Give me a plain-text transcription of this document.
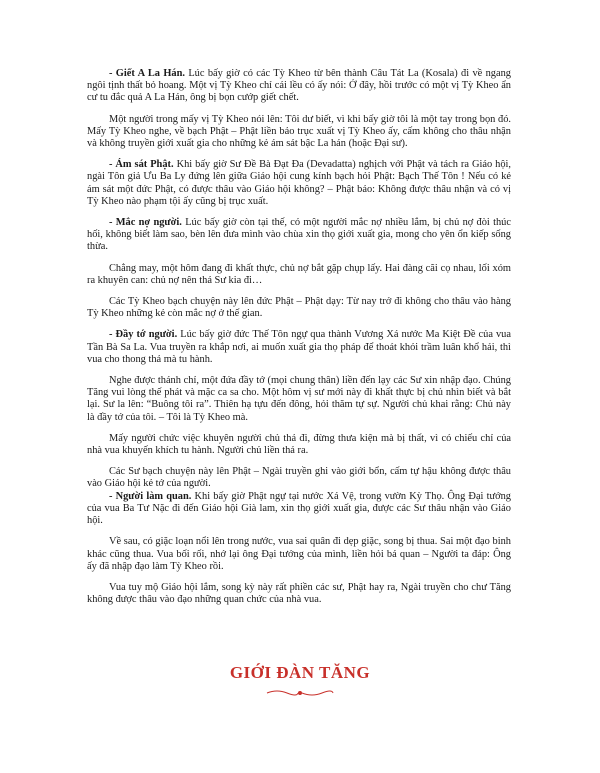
- Giết A La Hán. Lúc bấy giờ có các Tỳ Kheo từ bên thành Câu Tát La (Kosala) đi về ngang ngôi tịnh thất bỏ hoang. Một vị Tỳ Kheo chỉ cái lều có ấy nói: Ở đây, hồi trước có một vị Tỳ Kheo ẩn cư tu đắc quả A La Hán, ông bị bọn cướp giết chết.

Một người trong mấy vị Tỳ Kheo nói lên: Tôi dư biết, vì khi bấy giờ tôi là một tay trong bọn đó. Mấy Tỳ Kheo nghe, về bạch Phật – Phật liền bảo trục xuất vị Tỳ Kheo ấy, cấm không cho thâu nhận và không truyền giới xuất gia cho những kẻ ám sát bậc La hán (hoặc Đại sư).

- Ám sát Phật. Khi bấy giờ Sư Đề Bà Đạt Đa (Devadatta) nghịch với Phật và tách ra Giáo hội, ngài Tôn giả Ưu Ba Ly đứng lên giữa Giáo hội cung kính bạch hỏi Phật: Bạch Thế Tôn ! Nếu có kẻ ám sát một đức Phật, có được thâu vào Giáo hội không? – Phật bảo: Không được thâu nhận và có vị Tỳ Kheo nào phạm tội ấy cũng bị trục xuất.

- Mắc nợ người. Lúc bấy giờ còn tại thế, có một người mắc nợ nhiều lắm, bị chủ nợ đòi thúc hối, không biết làm sao, bèn lên đưa mình vào chùa xin thọ giới xuất gia, mong cho yên ổn kiếp sống thừa.

Chẳng may, một hôm đang đi khất thực, chủ nợ bắt gặp chụp lấy. Hai đàng cãi cọ nhau, lối xóm ra khuyên can: chủ nợ nên thả Sư kia đi…

Các Tỳ Kheo bạch chuyện này lên đức Phật – Phật dạy: Từ nay trở đi không cho thâu vào hàng Tỳ Kheo những kẻ còn mắc nợ ở thế gian.

- Đầy tớ người. Lúc bấy giờ đức Thế Tôn ngự qua thành Vương Xá nước Ma Kiệt Đề của vua Tần Bà Sa La. Vua truyền ra khắp nơi, ai muốn xuất gia thọ pháp để thoát khỏi trầm luân khổ hải, thì vua cho thong thả mà tu hành.

Nghe được thánh chỉ, một đứa đầy tớ (mọi chung thân) liền đến lạy các Sư xin nhập đạo. Chúng Tăng vui lòng thế phát và mặc ca sa cho. Một hôm vị sư mới này đi khất thực bị chủ nhìn biết và bắt lại. Sư la lên: “Buông tôi ra”. Thiên hạ tựu đến đông, hỏi thăm tự sự. Người chủ khai rằng: Chủ này là đầy tớ của tôi. – Tôi là Tỳ Kheo mà.

Mấy người chức việc khuyên người chủ thả đi, đừng thưa kiện mà bị thất, vì có chiếu chỉ của nhà vua khuyến khích tu hành. Người chủ liền thả ra.

Các Sư bạch chuyện này lên Phật – Ngài truyền ghi vào giới bổn, cấm tự hậu không được thâu vào Giáo hội kẻ tớ của người.

- Người làm quan. Khi bấy giờ Phật ngự tại nước Xá Vệ, trong vườn Kỳ Thọ. Ông Đại tướng của vua Ba Tư Nặc đi đến Giáo hội Già lam, xin thọ giới xuất gia, được các Sư thâu nhận vào Giáo hội.

Về sau, có giặc loạn nổi lên trong nước, vua sai quân đi dẹp giặc, song bị thua. Sai một đạo binh khác cũng thua. Vua bối rối, nhớ lại ông Đại tướng của mình, liền hỏi bá quan – Người ta đáp: Ông ấy đã nhập đạo làm Tỳ Kheo rồi.

Vua tuy mộ Giáo hội lắm, song kỳ này rất phiền các sư, Phật hay ra, Ngài truyền cho chư Tăng không được thâu vào đạo những quan chức của nhà vua.

GIỚI ĐÀN TĂNG
